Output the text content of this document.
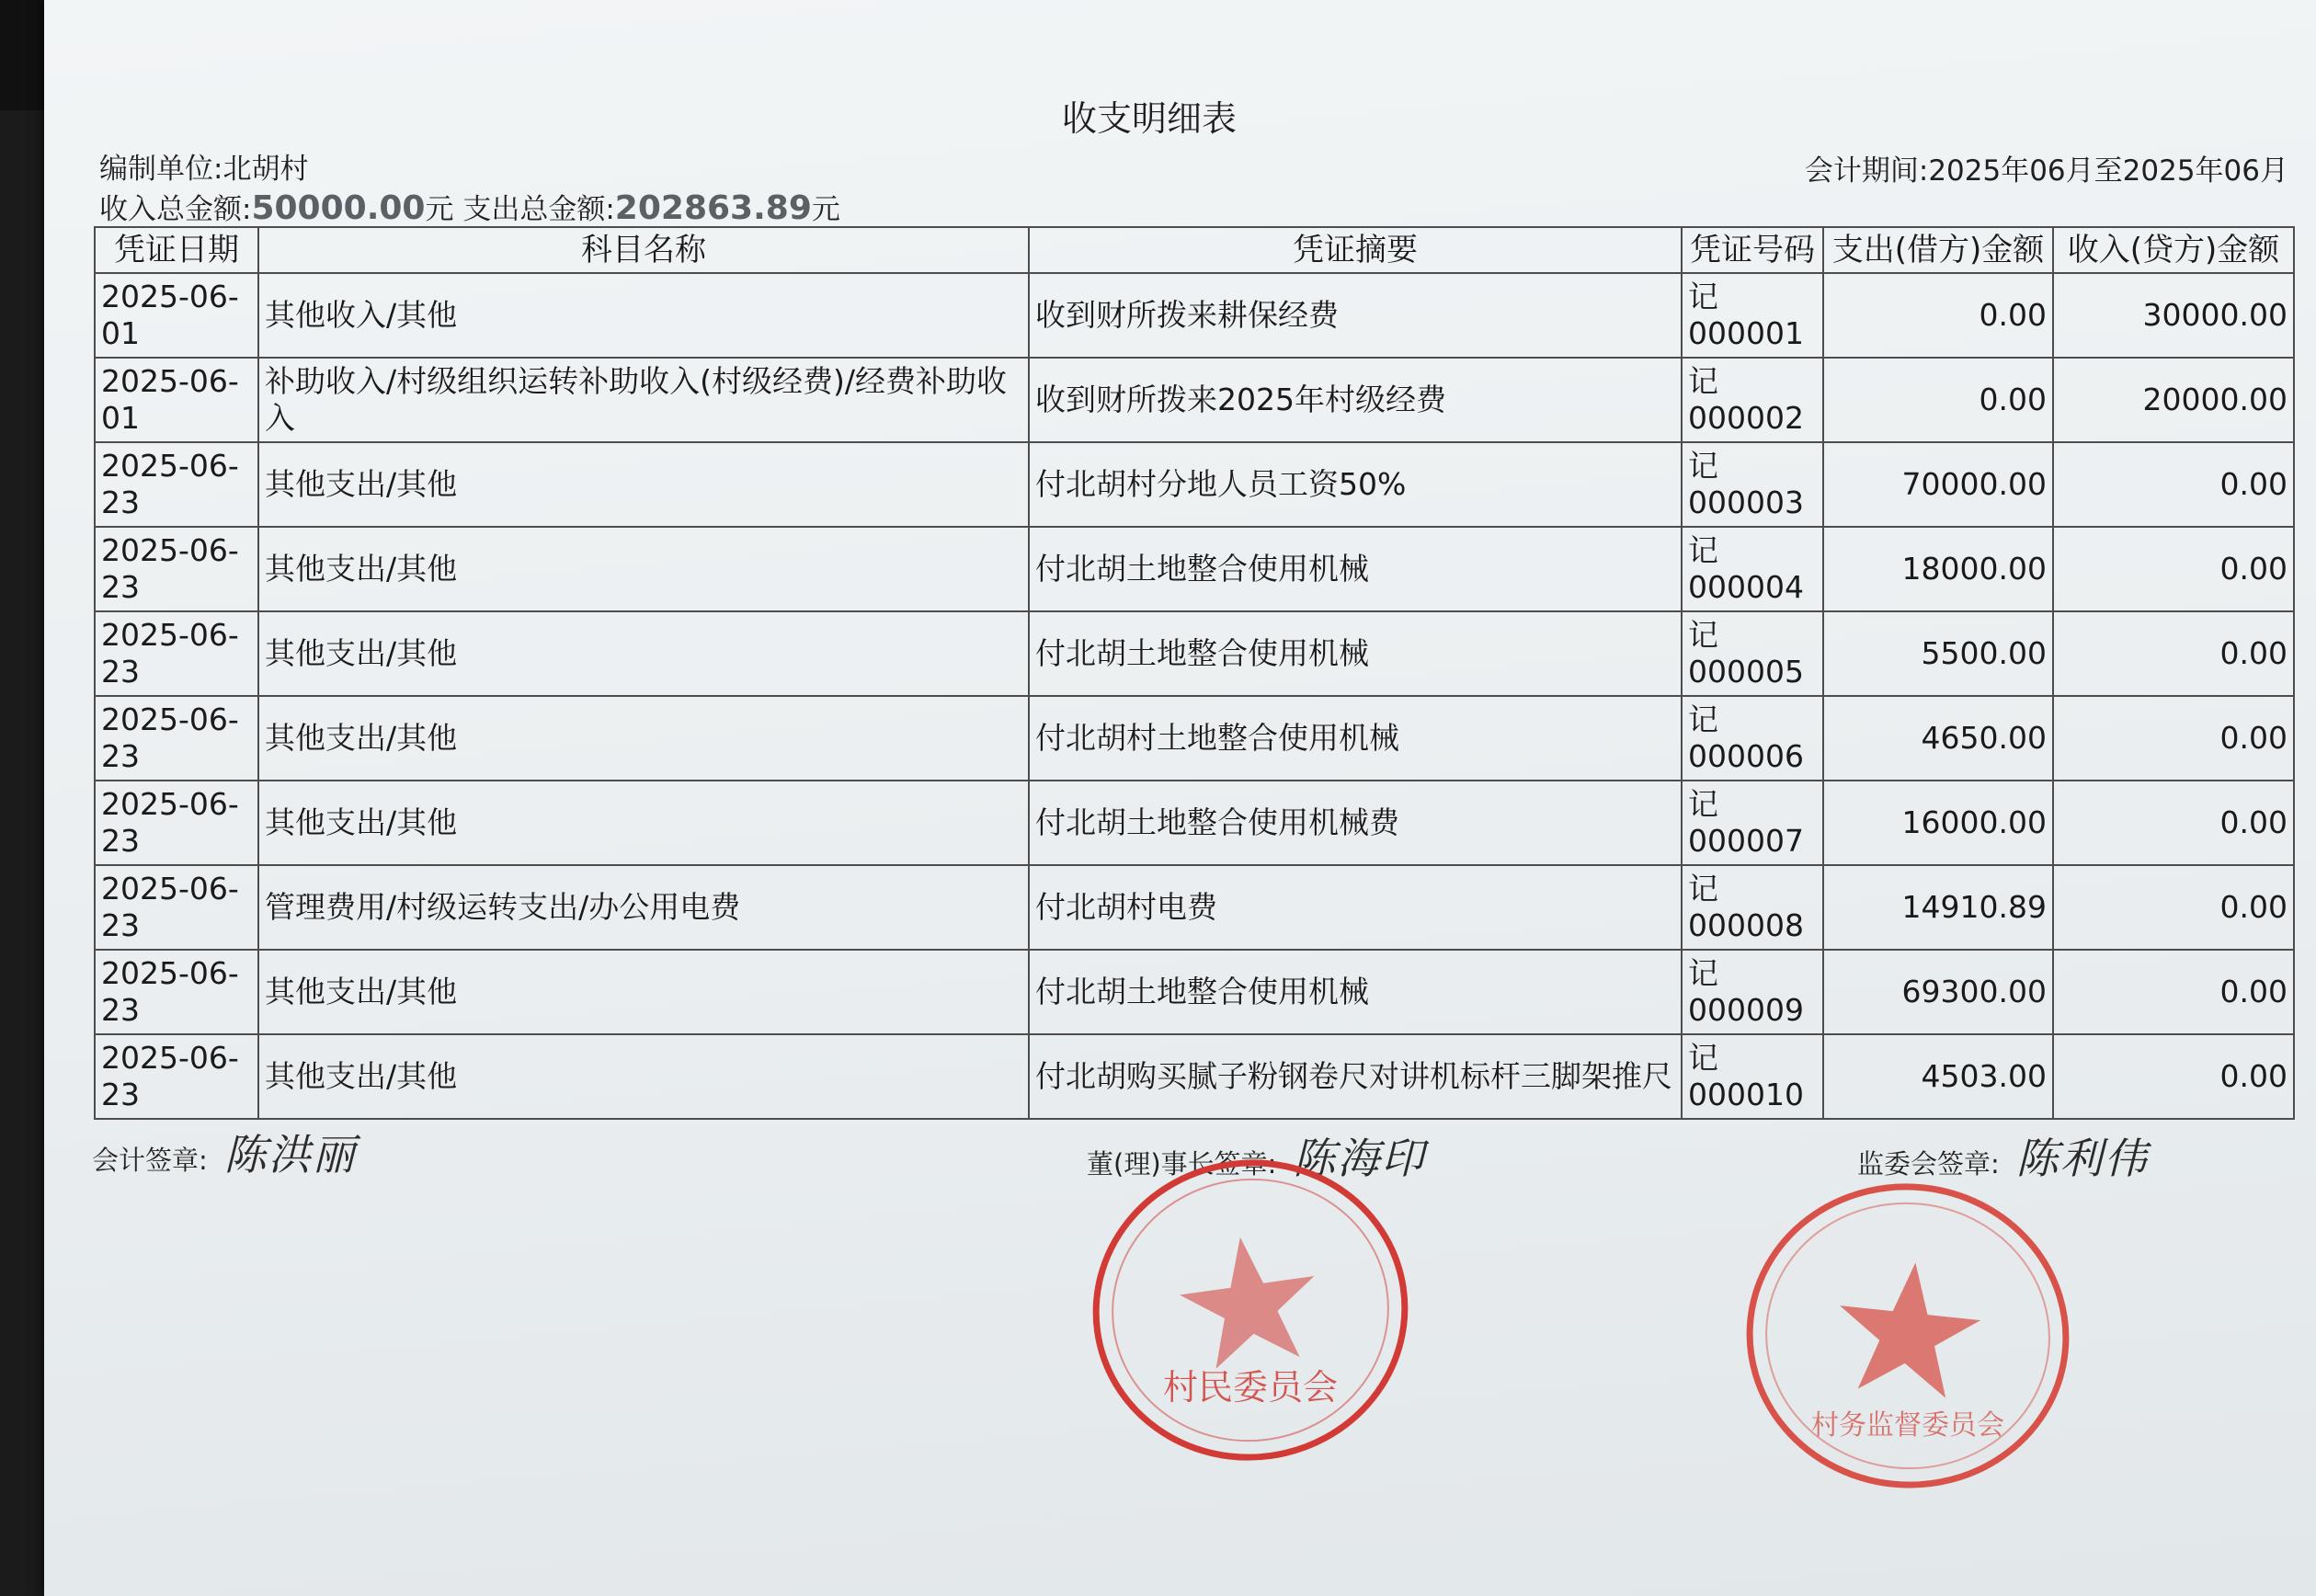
收支明细表
编制单位:北胡村	会计期间:2025年06月至2025年06月
收入总金额:50000.00元 支出总金额:202863.89元
凭证日期	科目名称	凭证摘要	凭证号码	支出(借方)金额	收入(贷方)金额
2025-06-01	其他收入/其他	收到财所拨来耕保经费	记000001	0.00	30000.00
2025-06-01	补助收入/村级组织运转补助收入(村级经费)/经费补助收入	收到财所拨来2025年村级经费	记000002	0.00	20000.00
2025-06-23	其他支出/其他	付北胡村分地人员工资50%	记000003	70000.00	0.00
2025-06-23	其他支出/其他	付北胡土地整合使用机械	记000004	18000.00	0.00
2025-06-23	其他支出/其他	付北胡土地整合使用机械	记000005	5500.00	0.00
2025-06-23	其他支出/其他	付北胡村土地整合使用机械	记000006	4650.00	0.00
2025-06-23	其他支出/其他	付北胡土地整合使用机械费	记000007	16000.00	0.00
2025-06-23	管理费用/村级运转支出/办公用电费	付北胡村电费	记000008	14910.89	0.00
2025-06-23	其他支出/其他	付北胡土地整合使用机械	记000009	69300.00	0.00
2025-06-23	其他支出/其他	付北胡购买腻子粉钢卷尺对讲机标杆三脚架推尺	记000010	4503.00	0.00
会计签章: 陈洪丽	董(理)事长签章: 陈海印	监委会签章: 陈利伟
村民委员会
村务监督委员会
